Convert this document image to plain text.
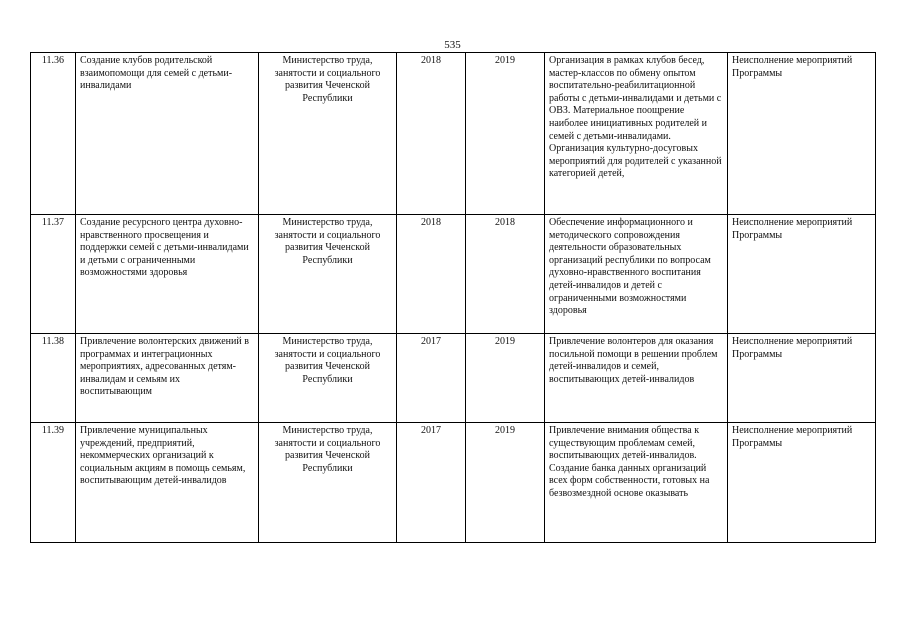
535
11.36	Создание клубов родительской взаимопомощи для семей с детьми-инвалидами	Министерство труда, занятости и социального развития Чеченской Республики	2018	2019	Организация в рамках клубов бесед, мастер-классов по обмену опытом воспитательно-реабилитационной работы с детьми-инвалидами и детьми с ОВЗ. Материальное поощрение наиболее инициативных родителей и семей с детьми-инвалидами. Организация культурно-досуговых мероприятий для родителей с указанной категорией детей,	Неисполнение мероприятий Программы
11.37	Создание ресурсного центра духовно-нравственного просвещения и поддержки семей с детьми-инвалидами и детьми с ограниченными возможностями здоровья	Министерство труда, занятости и социального развития Чеченской Республики	2018	2018	Обеспечение информационного и методического сопровождения деятельности образовательных организаций республики по вопросам духовно-нравственного воспитания детей-инвалидов и детей с ограниченными возможностями здоровья	Неисполнение мероприятий Программы
11.38	Привлечение волонтерских движений в программах и интеграционных мероприятиях, адресованных детям-инвалидам и семьям их воспитывающим	Министерство труда, занятости и социального развития Чеченской Республики	2017	2019	Привлечение волонтеров для оказания посильной помощи в решении проблем детей-инвалидов и семей, воспитывающих детей-инвалидов	Неисполнение мероприятий Программы
11.39	Привлечение муниципальных учреждений, предприятий, некоммерческих организаций к социальным акциям в помощь семьям, воспитывающим детей-инвалидов	Министерство труда, занятости и социального развития Чеченской Республики	2017	2019	Привлечение внимания общества к существующим проблемам семей, воспитывающих детей-инвалидов. Создание банка данных организаций всех форм собственности, готовых на безвозмездной основе оказывать	Неисполнение мероприятий Программы
